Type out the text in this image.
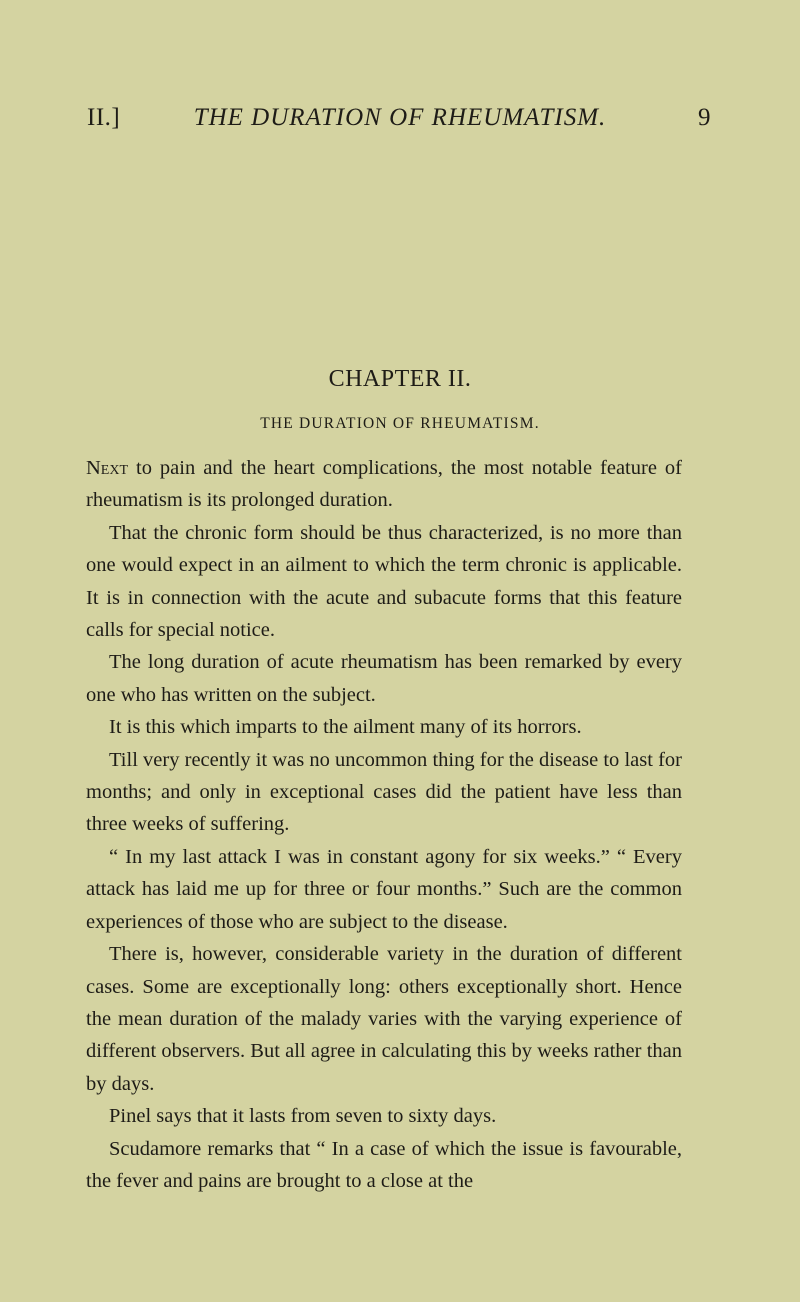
THE DURATION OF RHEUMATISM.
II.]	9
CHAPTER II.
THE DURATION OF RHEUMATISM.

Next to pain and the heart complications, the most notable feature of rheumatism is its prolonged duration.

That the chronic form should be thus characterized, is no more than one would expect in an ailment to which the term chronic is applicable. It is in connection with the acute and subacute forms that this feature calls for special notice.

The long duration of acute rheumatism has been remarked by every one who has written on the subject.

It is this which imparts to the ailment many of its horrors.

Till very recently it was no uncommon thing for the disease to last for months; and only in exceptional cases did the patient have less than three weeks of suffering.

“ In my last attack I was in constant agony for six weeks.” “ Every attack has laid me up for three or four months.” Such are the common experiences of those who are subject to the disease.

There is, however, considerable variety in the duration of different cases. Some are exceptionally long: others exceptionally short. Hence the mean duration of the malady varies with the varying experience of different observers. But all agree in calculating this by weeks rather than by days.

Pinel says that it lasts from seven to sixty days.

Scudamore remarks that “ In a case of which the issue is favourable, the fever and pains are brought to a close at the
